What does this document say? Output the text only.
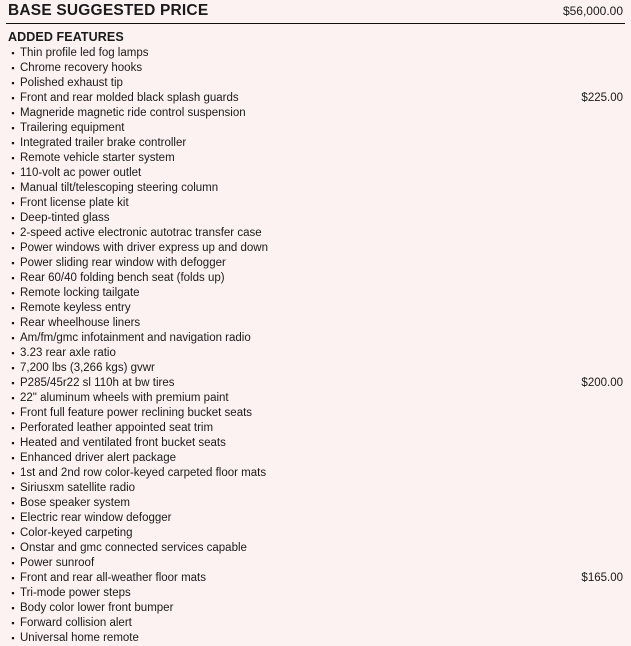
BASE SUGGESTED PRICE	$56,000.00
ADDED FEATURES
▪ Thin profile led fog lamps
▪ Chrome recovery hooks
▪ Polished exhaust tip
▪ Front and rear molded black splash guards	$225.00
▪ Magneride magnetic ride control suspension
▪ Trailering equipment
▪ Integrated trailer brake controller
▪ Remote vehicle starter system
▪ 110-volt ac power outlet
▪ Manual tilt/telescoping steering column
▪ Front license plate kit
▪ Deep-tinted glass
▪ 2-speed active electronic autotrac transfer case
▪ Power windows with driver express up and down
▪ Power sliding rear window with defogger
▪ Rear 60/40 folding bench seat (folds up)
▪ Remote locking tailgate
▪ Remote keyless entry
▪ Rear wheelhouse liners
▪ Am/fm/gmc infotainment and navigation radio
▪ 3.23 rear axle ratio
▪ 7,200 lbs (3,266 kgs) gvwr
▪ P285/45r22 sl 110h at bw tires	$200.00
▪ 22" aluminum wheels with premium paint
▪ Front full feature power reclining bucket seats
▪ Perforated leather appointed seat trim
▪ Heated and ventilated front bucket seats
▪ Enhanced driver alert package
▪ 1st and 2nd row color-keyed carpeted floor mats
▪ Siriusxm satellite radio
▪ Bose speaker system
▪ Electric rear window defogger
▪ Color-keyed carpeting
▪ Onstar and gmc connected services capable
▪ Power sunroof
▪ Front and rear all-weather floor mats	$165.00
▪ Tri-mode power steps
▪ Body color lower front bumper
▪ Forward collision alert
▪ Universal home remote
